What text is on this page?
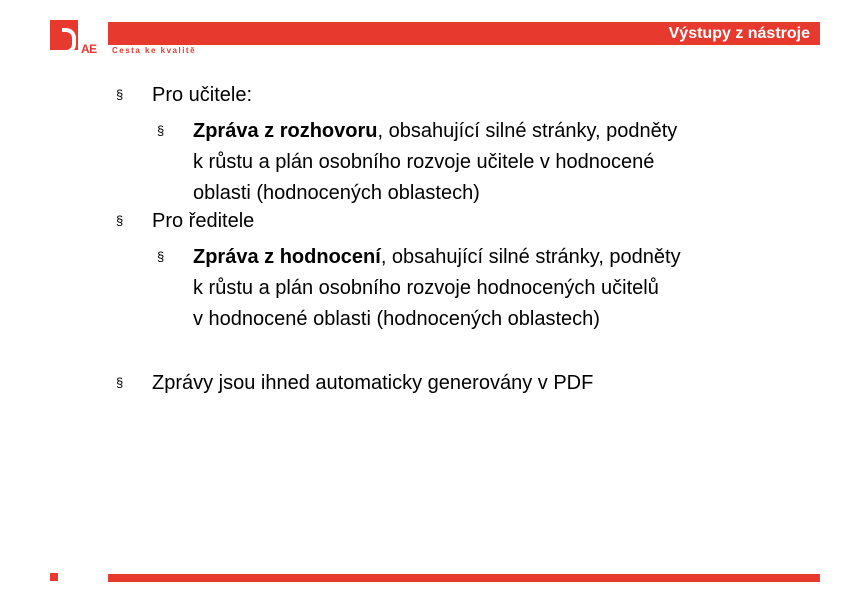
AE
Výstupy z nástroje
Cesta ke kvalitě
§ Pro učitele:
§ Zpráva z rozhovoru, obsahující silné stránky, podněty
k růstu a plán osobního rozvoje učitele v hodnocené
oblasti (hodnocených oblastech)
§ Pro ředitele
§ Zpráva z hodnocení, obsahující silné stránky, podněty
k růstu a plán osobního rozvoje hodnocených učitelů
v hodnocené oblasti (hodnocených oblastech)
§ Zprávy jsou ihned automaticky generovány v PDF
